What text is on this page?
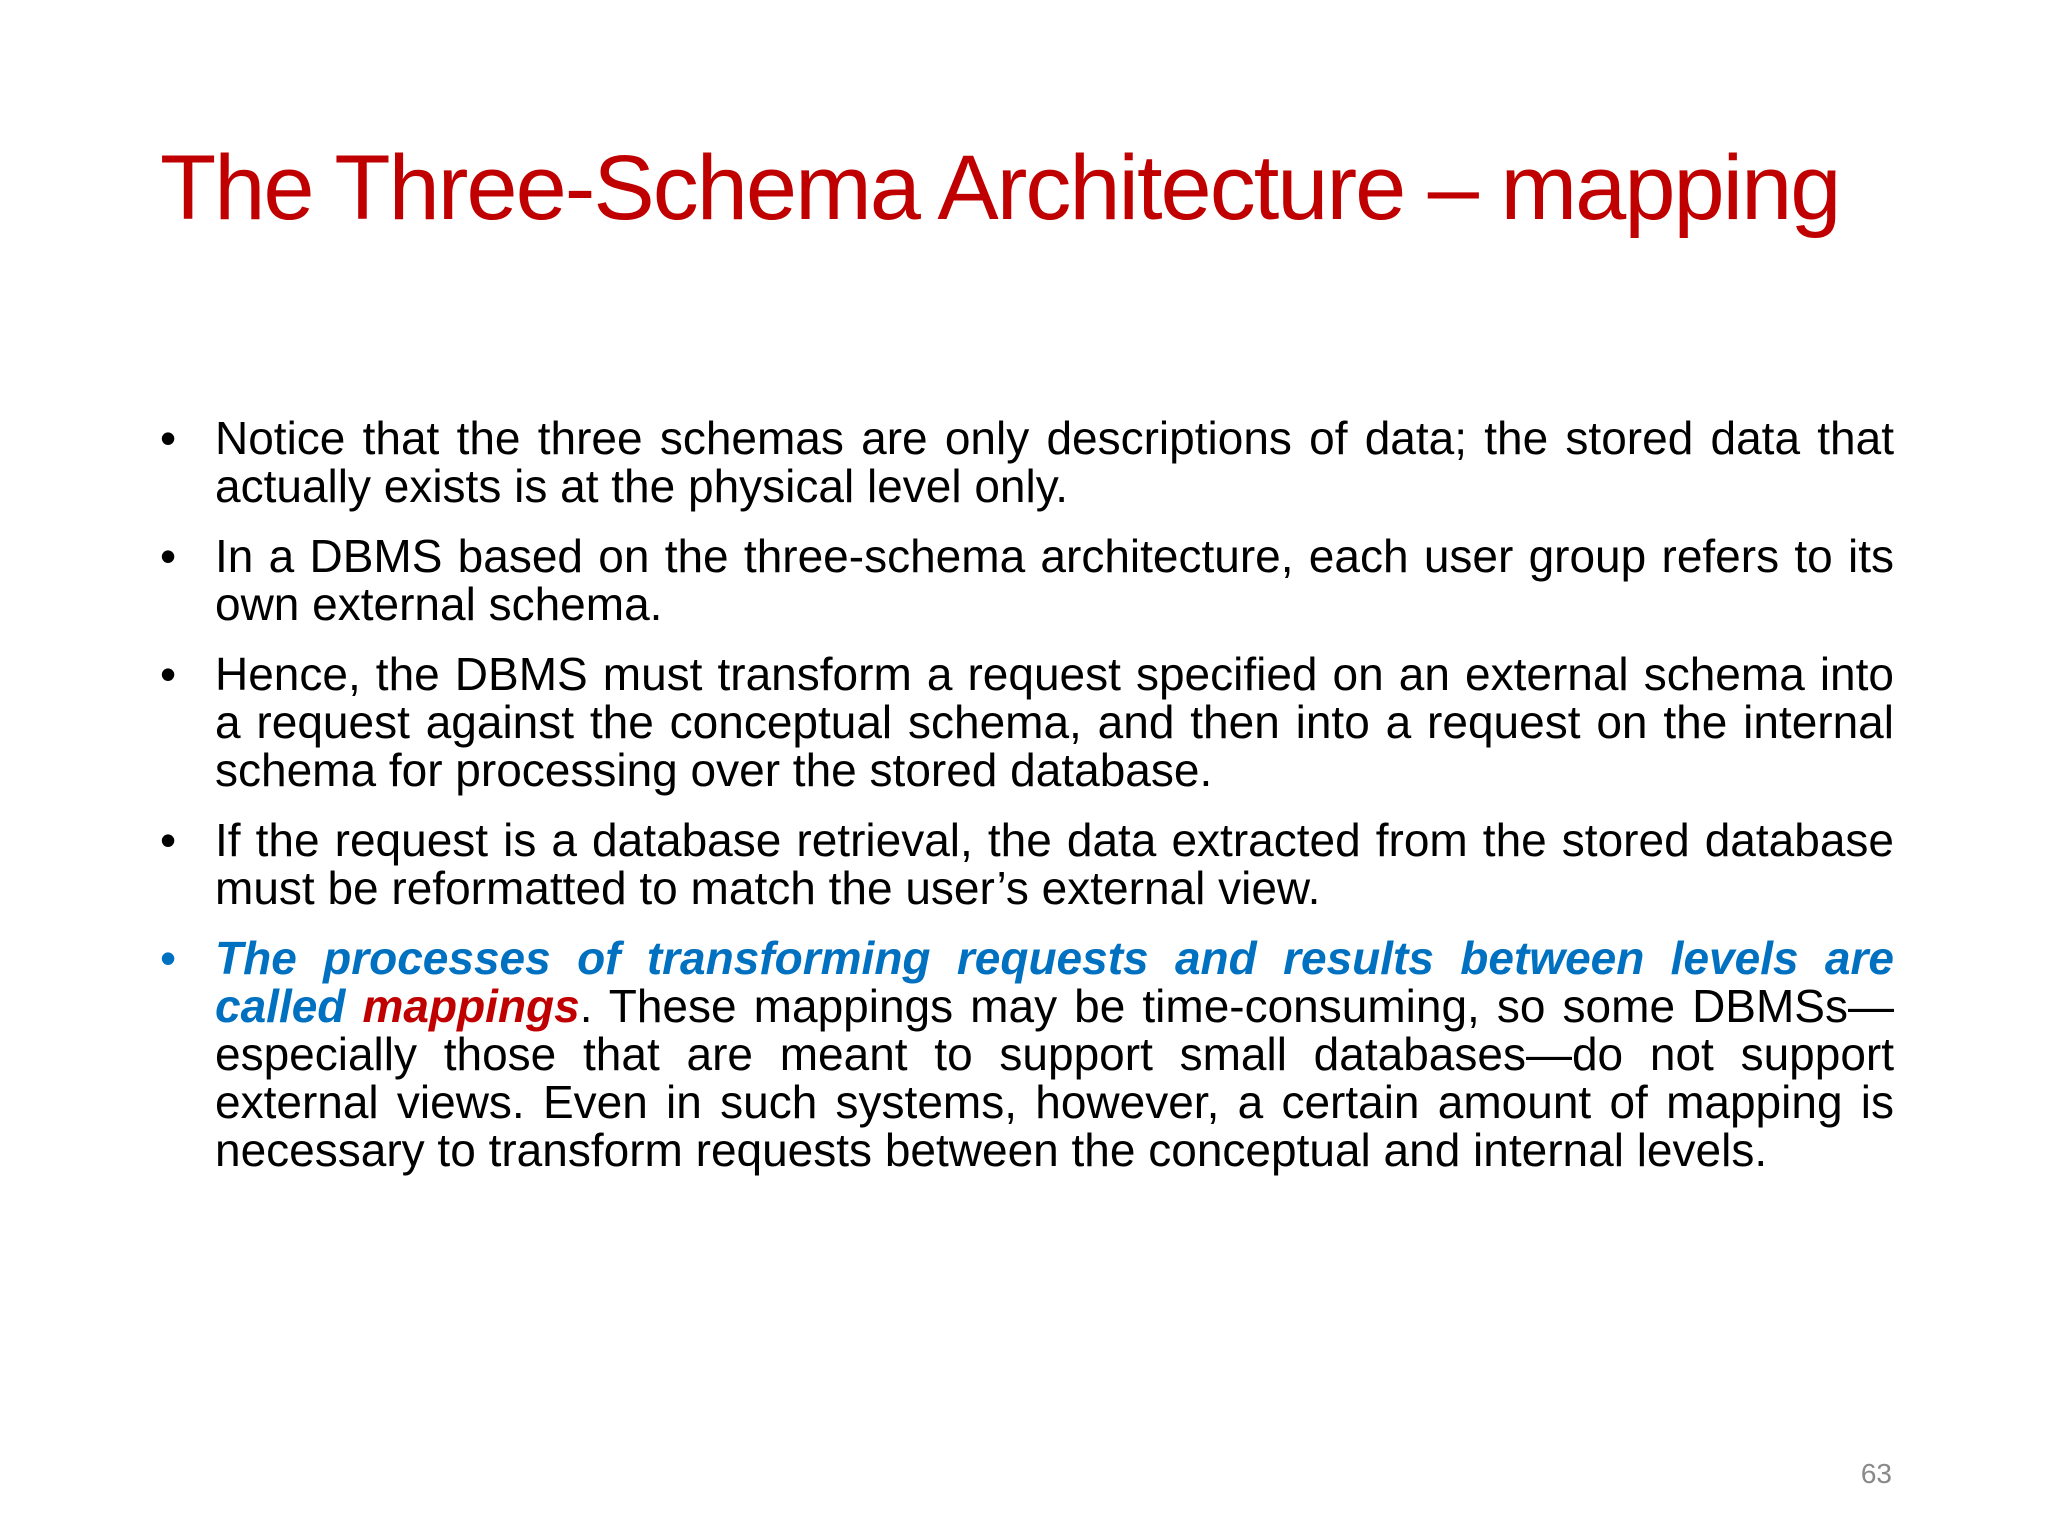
The Three-Schema Architecture – mapping
• Notice that the three schemas are only descriptions of data; the stored data that actually exists is at the physical level only.
• In a DBMS based on the three-schema architecture, each user group refers to its own external schema.
• Hence, the DBMS must transform a request specified on an external schema into a request against the conceptual schema, and then into a request on the internal schema for processing over the stored database.
• If the request is a database retrieval, the data extracted from the stored database must be reformatted to match the user’s external view.
• The processes of transforming requests and results between levels are called mappings. These mappings may be time-consuming, so some DBMSs—especially those that are meant to support small databases—do not support external views. Even in such systems, however, a certain amount of mapping is necessary to transform requests between the conceptual and internal levels.
63
